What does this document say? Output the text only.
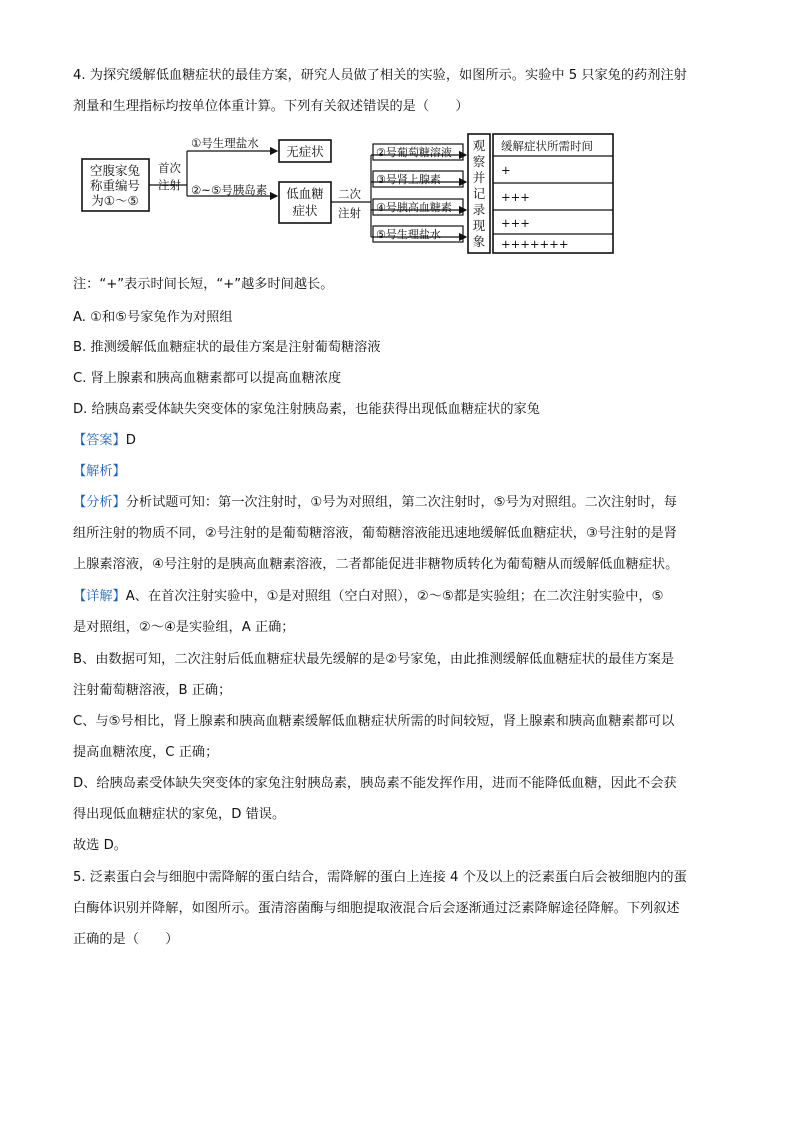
4. 为探究缓解低血糖症状的最佳方案，研究人员做了相关的实验，如图所示。实验中 5 只家兔的药剂注射
剂量和生理指标均按单位体重计算。下列有关叙述错误的是（　　）
空腹家兔
称重编号
为①～⑤
首次
注射
①号生理盐水
②~⑤号胰岛素
无症状
低血糖
症状
二次
注射
②号葡萄糖溶液
③号肾上腺素
④号胰高血糖素
⑤号生理盐水
观
察
并
记
录
现
象
缓解症状所需时间
+
+++
+++
+++++++
注：“+”表示时间长短，“+”越多时间越长。
A. ①和⑤号家兔作为对照组
B. 推测缓解低血糖症状的最佳方案是注射葡萄糖溶液
C. 肾上腺素和胰高血糖素都可以提高血糖浓度
D. 给胰岛素受体缺失突变体的家兔注射胰岛素，也能获得出现低血糖症状的家兔
【答案】D
【解析】
【分析】分析试题可知：第一次注射时，①号为对照组，第二次注射时，⑤号为对照组。二次注射时，每
组所注射的物质不同，②号注射的是葡萄糖溶液，葡萄糖溶液能迅速地缓解低血糖症状，③号注射的是肾
上腺素溶液，④号注射的是胰高血糖素溶液，二者都能促进非糖物质转化为葡萄糖从而缓解低血糖症状。
【详解】A、在首次注射实验中，①是对照组（空白对照），②～⑤都是实验组；在二次注射实验中，⑤
是对照组，②～④是实验组，A 正确；
B、由数据可知，二次注射后低血糖症状最先缓解的是②号家兔，由此推测缓解低血糖症状的最佳方案是
注射葡萄糖溶液，B 正确；
C、与⑤号相比，肾上腺素和胰高血糖素缓解低血糖症状所需的时间较短，肾上腺素和胰高血糖素都可以
提高血糖浓度，C 正确；
D、给胰岛素受体缺失突变体的家兔注射胰岛素，胰岛素不能发挥作用，进而不能降低血糖，因此不会获
得出现低血糖症状的家兔，D 错误。
故选 D。
5. 泛素蛋白会与细胞中需降解的蛋白结合，需降解的蛋白上连接 4 个及以上的泛素蛋白后会被细胞内的蛋
白酶体识别并降解，如图所示。蛋清溶菌酶与细胞提取液混合后会逐渐通过泛素降解途径降解。下列叙述
正确的是（　　）
